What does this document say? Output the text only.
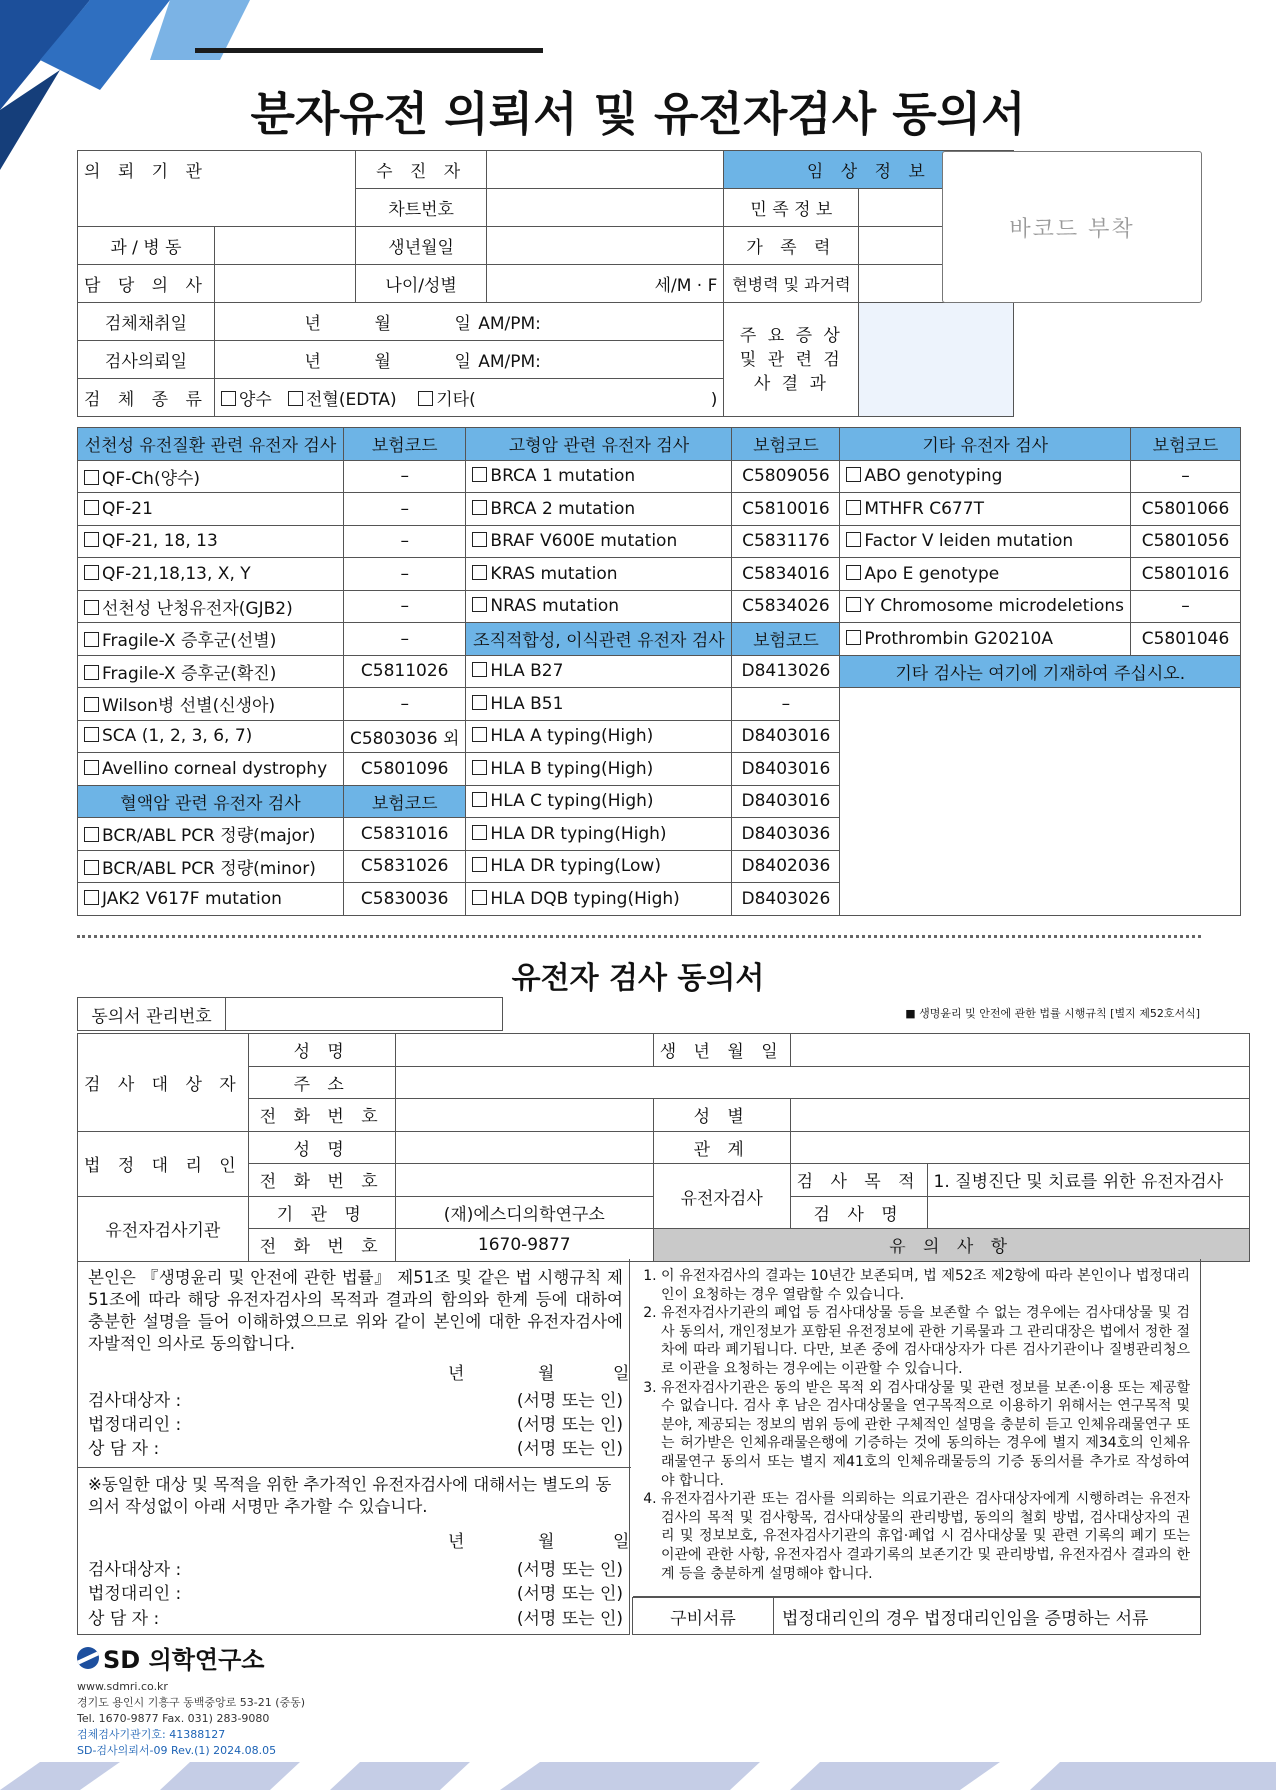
분자유전 의뢰서 및 유전자검사 동의서
의 뢰 기 관		수 진 자		임 상 정 보	
		차트번호		민 족 정 보	
과 / 병 동		생년월일		가 족 력	
담 당 의 사		나이/성별	세/M · F	현병력 및 과거력	
검체채취일	년 월 일 AM/PM:			주 요 증 상 및 관 련 검 사 결 과	
검사의뢰일	년 월 일 AM/PM:				
검 체 종 류	양수 전혈(EDTA) 기타( )				
바코드 부착
선천성 유전질환 관련 유전자 검사	보험코드	고형암 관련 유전자 검사	보험코드	기타 유전자 검사	보험코드
QF-Ch(양수)	–	BRCA 1 mutation	C5809056	ABO genotyping	–
QF-21	–	BRCA 2 mutation	C5810016	MTHFR C677T	C5801066
QF-21, 18, 13	–	BRAF V600E mutation	C5831176	Factor V leiden mutation	C5801056
QF-21,18,13, X, Y	–	KRAS mutation	C5834016	Apo E genotype	C5801016
선천성 난청유전자(GJB2)	–	NRAS mutation	C5834026	Y Chromosome microdeletions	–
Fragile-X 증후군(선별)	–	조직적합성, 이식관련 유전자 검사	보험코드	Prothrombin G20210A	C5801046
Fragile-X 증후군(확진)	C5811026	HLA B27	D8413026	기타 검사는 여기에 기재하여 주십시오.	
Wilson병 선별(신생아)	–	HLA B51	–		
SCA (1, 2, 3, 6, 7)	C5803036 외	HLA A typing(High)	D8403016		
Avellino corneal dystrophy	C5801096	HLA B typing(High)	D8403016		
혈액암 관련 유전자 검사	보험코드	HLA C typing(High)	D8403016		
BCR/ABL PCR 정량(major)	C5831016	HLA DR typing(High)	D8403036		
BCR/ABL PCR 정량(minor)	C5831026	HLA DR typing(Low)	D8402036		
JAK2 V617F mutation	C5830036	HLA DQB typing(High)	D8403026		
유전자 검사 동의서
동의서 관리번호		■ 생명윤리 및 안전에 관한 법률 시행규칙 [별지 제52호서식]
검 사 대 상 자	성 명		생 년 월 일		
	주 소				
	전 화 번 호		성 별		
법 정 대 리 인	성 명		관 계		
	전 화 번 호		유전자검사	검 사 목 적	1. 질병진단 및 치료를 위한 유전자검사
유전자검사기관	기 관 명	(재)에스디의학연구소		검 사 명	
	전 화 번 호	1670-9877	유 의 사 항		
본인은 『생명윤리 및 안전에 관한 법률』 제51조 및 같은 법 시행규칙 제51조에 따라 해당 유전자검사의 목적과 결과의 함의와 한계 등에 대하여 충분한 설명을 들어 이해하였으므로 위와 같이 본인에 대한 유전자검사에 자발적인 의사로 동의합니다.
년	월	일
검사대상자 :	(서명 또는 인)
법정대리인 :	(서명 또는 인)
상 담 자 :	(서명 또는 인)
※동일한 대상 및 목적을 위한 추가적인 유전자검사에 대해서는 별도의 동의서 작성없이 아래 서명만 추가할 수 있습니다.
년	월	일
검사대상자 :	(서명 또는 인)
법정대리인 :	(서명 또는 인)
상 담 자 :	(서명 또는 인)
1. 이 유전자검사의 결과는 10년간 보존되며, 법 제52조 제2항에 따라 본인이나 법정대리인이 요청하는 경우 열람할 수 있습니다.
2. 유전자검사기관의 폐업 등 검사대상물 등을 보존할 수 없는 경우에는 검사대상물 및 검사 동의서, 개인정보가 포함된 유전정보에 관한 기록물과 그 관리대장은 법에서 정한 절차에 따라 폐기됩니다. 다만, 보존 중에 검사대상자가 다른 검사기관이나 질병관리청으로 이관을 요청하는 경우에는 이관할 수 있습니다.
3. 유전자검사기관은 동의 받은 목적 외 검사대상물 및 관련 정보를 보존·이용 또는 제공할 수 없습니다. 검사 후 남은 검사대상물을 연구목적으로 이용하기 위해서는 연구목적 및 분야, 제공되는 정보의 범위 등에 관한 구체적인 설명을 충분히 듣고 인체유래물연구 또는 허가받은 인체유래물은행에 기증하는 것에 동의하는 경우에 별지 제34호의 인체유래물연구 동의서 또는 별지 제41호의 인체유래물등의 기증 동의서를 추가로 작성하여야 합니다.
4. 유전자검사기관 또는 검사를 의뢰하는 의료기관은 검사대상자에게 시행하려는 유전자검사의 목적 및 검사항목, 검사대상물의 관리방법, 동의의 철회 방법, 검사대상자의 권리 및 정보보호, 유전자검사기관의 휴업·폐업 시 검사대상물 및 관련 기록의 폐기 또는 이관에 관한 사항, 유전자검사 결과기록의 보존기간 및 관리방법, 유전자검사 결과의 한계 등을 충분하게 설명해야 합니다.
구비서류	법정대리인의 경우 법정대리인임을 증명하는 서류
SD 의학연구소
www.sdmri.co.kr
경기도 용인시 기흥구 동백중앙로 53-21 (중동)
Tel. 1670-9877 Fax. 031) 283-9080
검체검사기관기호: 41388127
SD-검사의뢰서-09 Rev.(1) 2024.08.05
